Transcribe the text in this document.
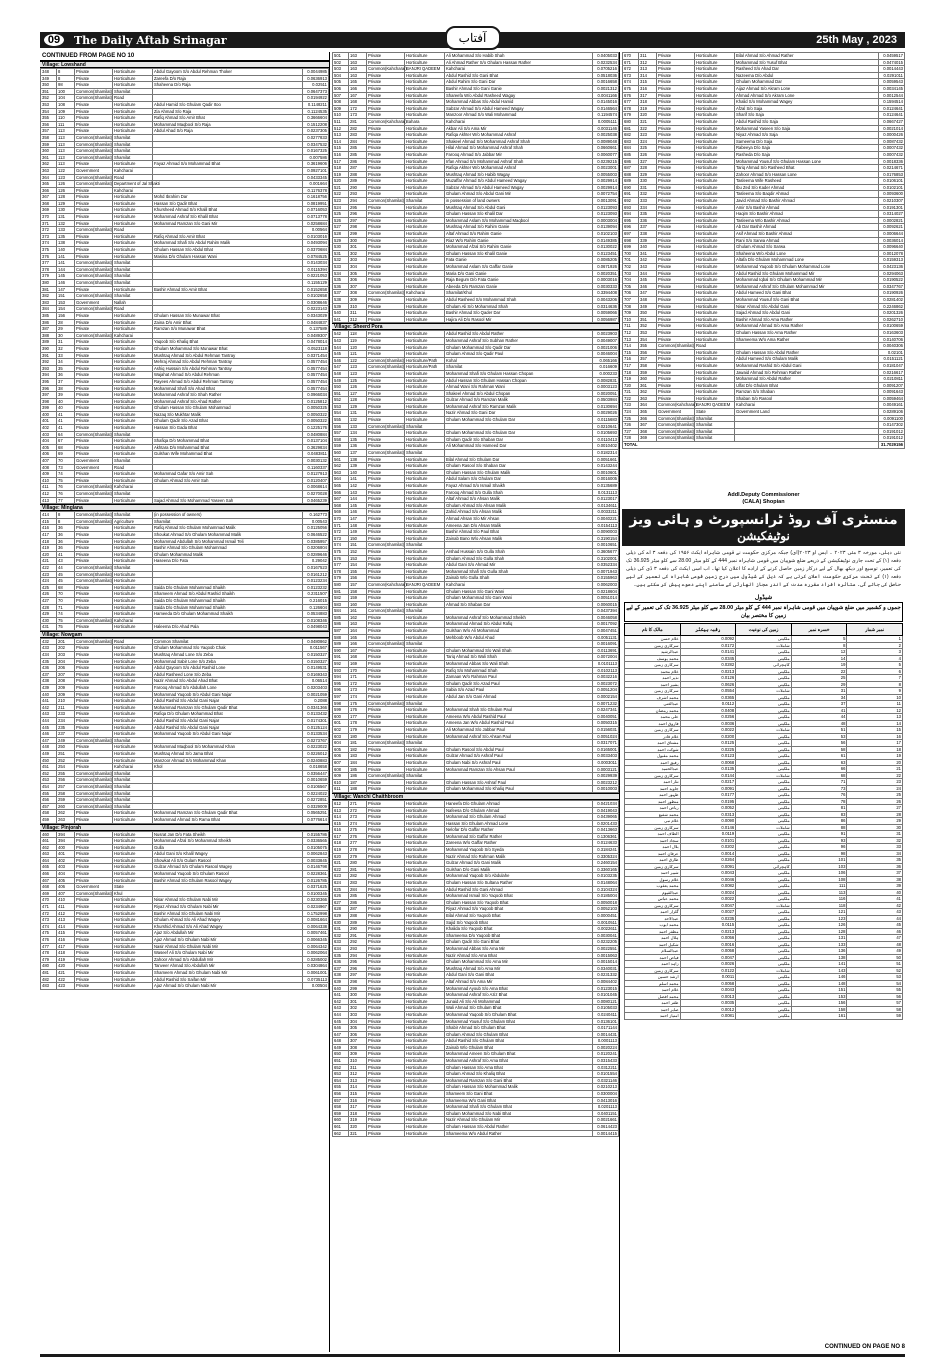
09	The Daily Aftab Srinagar	آفتاب	25th May , 2023
CONTINUED FROM PAGE NO 10
Village: Lowshand
348	8	Private	Horticulture	Abdul Gayoom S/o Abdul Rehman Thoker	0.0044985
349	8	Private	Horticulture	Zareefa D/o Raja	0.0636913
350	98	Private	Horticulture	Shaheena D/o Raja	0.02511
351	100	Common(Shamilat)	Shamilat		0.0647373
352	104	Common(Shamilat)	Road		0.0194922
353	108	Private	Horticulture	Abdul Hamid S/o Ghulam Qadir Itoo	0.1148211
354	109	Private	Horticulture	Zia Ahmad S/o Raja	0.1124535
355	110	Private	Horticulture	Rafiq Ahmad S/o Amir Bhat	0.3666604
356	111	Private	Horticulture	Mohammad Maqbool S/o Raja	0.1512208
357	113	Private	Horticulture	Abdul Ahad S/o Raja	0.0237305
358	113	Common(Shamilat)	Shamilat		0.0277833
359	113	Common(Shamilat)	Shamilat		0.0347532
360	113	Common(Shamilat)	Shamilat		0.0167325
361	113	Common(Shamilat)	Shamilat		0.007586
362	113	Private	Horticulture	Fayaz Ahmad S/o Mohammad Bhat	0.3619606
363	122	Government	Kahcharai		0.0927101
364	123	Common(Shamilat)	Road		0.0433345
365	126	Common(Shamilat)	Department of Jal Shakti		0.001664
366	126	Private	Kahcharai		0.1176378
367	128	Private	Horticulture	Mohd Ibrahim Dar	0.1618756
368	129	Private	Horticulture	Hassan S/o Qadir Bhat	0.0819951
369	130	Private	Horticulture	Khursheed Ahmad S/o Khalil Bhat	0.0716053
370	131	Private	Horticulture	Mohammad Ashraf S/o Khalil Bhat	0.0713778
371	132	Private	Horticulture	Mohammad Ramzan S/o Gani Mir	0.0258684
372	133	Common(Shamilat)	Road		0.00564
373	135	Private	Horticulture	Rafiq Ahmad S/o Amir Bhat	0.0103016
374	138	Private	Horticulture	Mohammad Shafi S/o Abdul Rahim Malik	0.0493094
375	140	Private	Horticulture	Ghulam Hassan S/o Abdul Bhat	0.0370684
376	141	Private	Horticulture	Masina D/o Ghulam Hassan Wani	0.0784525
377	141	Common(Shamilat)	Shamilat		0.0143034
378	144	Common(Shamilat)	Shamilat		0.0115394
379	145	Common(Shamilat)	Shamilat		0.0221053
380	146	Common(Shamilat)	Shamilat		0.1155129
381	147	Private	Horticulture	Bashir Ahmad S/o Amir Bhat	0.0152658
382	151	Common(Shamilat)	Shamilat		0.0102658
383	153	Government	Nallah		0.0308646
384	154	Common(Shamilat)	Road		0.0223143
385	156	Private	Horticulture	Ghulam Hassan S/o Munawar Bhat	0.0343029
386	28	Private	Horticulture	Zaina D/o Amir Bhat	0.0484837
387	29	Private	Horticulture	Ramzan S/o Munawar Bhat	0.137589
388	30	Common(Shamilat)	Kahcharai		0.0489307
389	31	Private	Horticulture	Yaqoob S/o Khaliq Bhat	0.0478014
390	32	Private	Horticulture	Ghulam Mohammad S/o Munawar Bhat	0.0523118
391	33	Private	Horticulture	Mushtaq Ahmad S/o Abdul Rehman Tantray	0.0371454
392	34	Private	Horticulture	Mehraj Ahmad S/o Abdul Rehman Tantray	0.0577454
393	35	Private	Horticulture	Ashiq Hussain S/o Abdul Rehman Tantray	0.0577454
394	36	Private	Horticulture	Wajahat Ahmad S/o Abdul Rehman	0.0577454
395	37	Private	Horticulture	Rayees Ahmad S/o Abdul Rehman Tantray	0.0577454
396	38	Private	Horticulture	Mohammad Shafi S/o Ahad Bhat	0.0577454
397	39	Private	Horticulture	Mohammad Ashraf S/o Shah Rather	0.0966034
398	40	Private	Horticulture	Mohammad Ashraf S/o Ahad Rather	0.0125812
399	40	Private	Horticulture	Ghulam Hassan S/o Ghulam Mohammad	0.0050325
400	41	Private	Horticulture	Nazaq S/o Mukhtar Malik	0.0050322
401	41	Private	Horticulture	Ghulam Qadir S/o Azad Bhat	0.0050322
402	41	Private	Horticulture	Hassan S/o Gada Bhat	0.1225176
403	64	Common(Shamilat)	Shamilat		0.0480884
404	67	Private	Horticulture	Shafiqa D/o Mohammad Bhat	0.0137104
405	68	Private	Horticulture	Akhtara D/o Mohammad Bhat	0.3629834
406	69	Private	Horticulture	Gulshan Wife Mohammad Bhat	0.0483811
407	70	Government	Shamilat		0.0030132
408	73	Government	Road		0.1160337
409	74	Private	Horticulture	Mohammad Gafar S/o Amir Sah	0.0127913
410	75	Private	Horticulture	Ghulam Ahmad S/o Amir Sah	0.0120407
411	76	Common(Shamilat)	Kahcharai		0.0068614
412	76	Common(Shamilat)	Shamilat		0.0270028
413	77	Private	Horticulture	Sajad Ahmad S/o Mohammad Yaseen Sah	0.0465239
Village: Minglana
414	8	Common(Shamilat)	Shamilat	(in possession of owners)	0.162773
415	8	Common(Shamilat)	Agriculture	Shamilat	0.00543
416	36	Private	Horticulture	Rafiq Ahmad S/o Ghulam Mohammad Malik	0.0125056
417	36	Private	Horticulture	Shoukat Ahmad S/o Ghulam Mohammad Malik	0.0646522
418	36	Private	Horticulture	Mohammad Abdullah S/o Mohammad Ismail Teli	0.0385957
419	36	Private	Horticulture	Bashir Ahmad S/o Ghulam Mohammad	0.0206804
420	41	Private	Horticulture	Ghulam Mohammad Malik	0.0289646
421	43	Private	Horticulture	Haseena D/o Fata	0.29042
422	44	Common(Shamilat)	Shamilat		0.0167523
423	45	Common(Shamilat)	Horticulture		0.0161212
424	45	Common(Shamilat)	Horticulture		0.0123234
425	68	Private	Horticulture	Saida D/o Ghulam Mohammad Shaikh	0.0123232
426	70	Private	Horticulture	Shameem Ahmad S/o Abdul Rashid Shaikh	0.2311507
427	70	Private	Horticulture	Saida D/o Ghulam Mohammad Shaikh	0.216015
428	71	Private	Horticulture	Saida D/o Ghulam Mohammad Shaikh	0.126604
429	74	Private	Horticulture	Hameeda D/o Ghulam Mohammad Shaikh	0.0534883
430	75	Common(Shamilat)	Kahcharai		0.0108346
431	75	Private	Horticulture	Haleema D/o Ahad Pala	0.0498043
Village: Nowgam
432	201	Common(Shamilat)	Road	Common Shamilat	0.0480862
433	202	Private	Horticulture	Ghulam Mohammad S/o Yaqoob Chak	0.011567
434	203	Private	Horticulture	Mushtaq Ahmad Lone S/o Zeba	0.0150327
435	204	Private	Horticulture	Mohammad Sabir Lone S/o Zeba	0.0150327
436	206	Private	Horticulture	Abdul Qayoom S/o Abdul Rashid Lone	0.0149531
437	207	Private	Horticulture	Abdul Rasheed Lone S/o Zeba	0.0169343
438	208	Private	Horticulture	Nazir Ahmad S/o Abdul Ahad Bhat	0.06514
439	209	Private	Horticulture	Farooq Ahmad S/o Abdullah Lone	0.0203403
440	209	Private	Horticulture	Mohammad Yaqoob S/o Abdul Gani Najar	0.0021059
441	210	Private	Horticulture	Abdul Rashid S/o Abdul Gani Najar	0.2088
442	211	Private	Horticulture	Mohammad Ramzan S/o Ghulam Qadir Bhat	0.0341366
443	233	Private	Horticulture	Rafiqa D/o Ghulam Mohammad Bhat	0.0133432
444	234	Private	Horticulture	Abdul Rashid S/o Abdul Gani Najar	0.0174301
445	235	Private	Horticulture	Abdul Rashid S/o Abdul Gani Najar	0.0125124
446	237	Private	Horticulture	Mohammad Yaqoob S/o Abdul Gani Najar	0.0133534
447	249	Common(Shamilat)	Shamilat		0.0273767
448	250	Private	Horticulture	Mohammad Maqbool S/o Mohammad Khan	0.0223022
449	251	Private	Horticulture	Mushtaq Ahmad S/o Jama Bhat	0.0226012
450	252	Private	Horticulture	Manzoor Ahmad S/o Mohammad Khan	0.0240883
451	254	Private	Kahcharai	Khol	0.018658
452	255	Common(Shamilat)	Shamilat		0.0356447
453	256	Common(Shamilat)	Shamilat		0.0010659
454	257	Common(Shamilat)	Shamilat		0.0106567
455	258	Common(Shamilat)	Shamilat		0.0224022
456	259	Common(Shamilat)	Shamilat		0.0272851
457	260	Common(Shamilat)	Shamilat		0.0329009
458	262	Private	Horticulture	Mohammad Ramzan S/o Ghulam Qadir Bhat	0.0565251
459	263	Private	Horticulture	Mohammad Ahmad S/o Rama Bhat	0.0776614
Village: Pinjorah
460	394	Private	Horticulture	Nusrat Jan D/o Fata Sheikh	0.0155786
461	394	Private	Horticulture	Mohammad Afzal S/o Mohammad Sheikh	0.0336565
462	400	Private	Horticulture	Gulla	0.0105075
463	401	Private	Horticulture	Abdul Gani S/o Khalil Wagey	0.0062843
464	402	Private	Horticulture	Showkat Ali S/o Gulam Rasool	0.0033845
465	403	Private	Horticulture	Gulzar Ahmad S/o Ghulam Rasool Wagey	0.0146798
466	404	Private	Horticulture	Mohammad Yaqoob S/o Ghulam Rasool	0.0228361
467	405	Private	Horticulture	Bashir Ahmad S/o Ghulam Rasool Wagey	0.0126785
468	406	Government	State		0.0371625
469	407	Common(Shamilat)	Khul		0.0100345
470	410	Private	Horticulture	Nisar Ahmad S/o Ghulam Nabi Mir	0.0230366
471	411	Private	Horticulture	Riyaz Ahmad S/o Ghulam Nabi Mir	0.0234967
472	412	Private	Horticulture	Bashir Ahmad S/o Ghulam Nabi Mir	0.1752998
473	413	Private	Horticulture	Ghulam Ahmad S/o Ali Ahad Wagey	0.0081664
474	414	Private	Horticulture	Khurshid Ahmad S/o Ali Ahad Wagey	0.0064338
475	415	Private	Horticulture	Ajaz S/o Abdullah Mir	0.0057461
476	416	Private	Horticulture	Ajaz Ahmad S/o Ghulam Nabi Mir	0.0066345
477	417	Private	Horticulture	Nasir Ahmad S/o Ghulam Nabi Mir	0.0064342
478	418	Private	Horticulture	Waseef Ali S/o Ghulam Nabi Mir	0.0062064
479	419	Private	Horticulture	Zahoor Ahmad S/o Abdullah Mir	0.0285002
480	420	Private	Horticulture	Tanveer Ahmad S/o Abdullah Mir	0.0304864
481	421	Private	Horticulture	Shameem Ahmad S/o Ghulam Nabi Mir	0.0061001
482	422	Private	Horticulture	Abdul Rashid S/o Saifan Mir	0.0735113
483	423	Private	Horticulture	Ajaz Ahmad S/o Ghulam Nabi Mir	0.00504
501	163	Private	Horticulture	Ali Mohammad S/o Habib Shah	0.0405033
502	163	Private	Horticulture	Ali Ahmad Rather S/o Ghulam Hassan Rather	0.0232534
503	163	Common(Kahcharai)	BANJRI QADEEM	Kahcharai	0.0705216
504	163	Private	Horticulture	Abdul Rashid S/o Gani Bhat	0.0518036
505	165	Private	Horticulture	Abdul Rahim S/o Gani Dar	0.0016658
506	166	Private	Horticulture	Bashir Ahmad S/o Gani Ganie	0.0021312
507	167	Private	Horticulture	Shareefa W/o Abdul Rasheed Wagay	0.0041166
508	168	Private	Horticulture	Mohammad Abbas S/o Abdul Hamid	0.0145016
509	172	Private	Horticulture	Sabzar Ahmad S/o Abdul Hameed Wagay	0.0146564
510	173	Private	Horticulture	Manzoor Ahmad S/o Wali Mohammad	0.1194574
511	281	Common(Kahcharai)	Sahara	Kahcharai	0.0005111
512	282	Private	Horticulture	Akbar Ali S/o Ama Mir	0.0031146
513	283	Private	Horticulture	Rafiqa Akhter W/o Mohammad Ashraf	0.0025038
514	284	Private	Horticulture	Shakeel Ahmad S/o Mohammad Ashraf Shah	0.0089048
515	285	Private	Horticulture	Hilal Ahmad S/o Mohammad Ashraf Shah	0.0660661
516	285	Private	Horticulture	Farooq Ahmad S/o Jabbar Mir	0.0060077
517	286	Private	Horticulture	Irfan Ahmad S/o Mohammad Ashraf Shah	0.0239215
518	287	Private	Horticulture	Rafiqa Akhter W/o Mohammad Ashraf	0.0023001
519	288	Private	Horticulture	Mushtaq Ahmad S/o Habib Wagay	0.0055003
520	289	Private	Horticulture	Muzaffar Ahmad S/o Abdul Hameed Wagay	0.0029914
521	290	Private	Horticulture	Sabzar Ahmad S/o Abdul Hameed Wagay	0.0029914
522	293	Private	Horticulture	Ghulam Ahmad S/o Abdul Gani Mir	0.0072754
523	294	Common(Shamilat)	Shamilat	in possession of land owners	0.0013091
524	295	Private	Horticulture	Mushtaq Ahmad S/o Abdul Gani	0.0123093
525	296	Private	Horticulture	Ghulam Hassan S/o Khalil Dar	0.0123093
526	297	Private	Horticulture	Mohammad Aslam S/o Mohammad Maqbool	0.0003004
527	298	Private	Horticulture	Mushtaq Ahmad S/o Rahim Ganie	0.0139094
528	299	Private	Horticulture	Altaf Ahmad S/o Rahim Ganie	0.0102103
529	300	Private	Horticulture	Riaz W/o Rahim Ganie	0.0149385
530	301	Private	Horticulture	Mohammad Afzal S/o Rahim Ganie	0.0130022
531	302	Private	Horticulture	Ghulam Hassan S/o Khalil Ganie	0.0123451
532	303	Private	Horticulture	Fata Ganie	0.0085205
533	304	Private	Horticulture	Mohammad Aslam S/o Gaffar Ganie	0.0671926
534	305	Private	Horticulture	Maria D/o Gani Ganie	0.0020351
535	306	Private	Horticulture	Raja Begum D/o Fata Ganie	0.0003016
536	307	Private	Horticulture	Abeeda D/o Ramzan Ganie	0.0030333
537	308	Common(Shamilat)	Kahcharai	Shamilat/Khul	0.3394408
538	309	Private	Horticulture	Abdul Rasheed S/o Mohammad Shah	0.0043206
539	310	Private	Horticulture	Ghulam Ali S/o Mohammad Shah	0.0314636
540	311	Private	Horticulture	Bashir Ahmad S/o Qader Dar	0.0059066
541	312	Private	Horticulture	Hajira Ali D/o Rasool Mir	0.0056987
Village: Sheerd Pora
542	118	Private	Horticulture	Abdul Rashid S/o Abdul Rather	0.0023903
543	119	Private	Horticulture	Mohammad Ashraf S/o Subhan Rather	0.0049007
544	120	Private	Horticulture	Ghulam Mohammad S/o Qadir Dar	0.0021006
545	121	Private	Horticulture	Ghulam Ahmad S/o Qadir Paul	0.0046004
546	122	Common(Shamilat)	Horticulture/Path	Kohal	0.065166
547	123	Common(Shamilat)	Horticulture/Path	Shamilat	0.016609
548	123	Private	Horticulture	Mohammad Shafi S/o Ghulam Hassan Chopan	0.000233
549	125	Private	Horticulture	Abdul Hassan S/o Ghulam Hassan Chopan	0.0082831
550	126	Private	Horticulture	Ahmad Wani S/o Rahman Wani	0.0003123
551	127	Private	Horticulture	Shakeel Ahmad S/o Abdul Chopan	0.0020051
552	128	Private	Horticulture	Gulzar Ahmad S/o Ramzan Malik	0.0503984
553	129	Private	Horticulture	Mohammad Ashraf S/o Ramzan Malik	0.0130694
554	131	Private	Horticulture	Nazir Ahmad S/o Gani Dar	0.0029026
555	132	Private	Horticulture	Ghulam Mohammad S/o Ghulam Dar	0.0115683
556	133	Common(Shamilat)	Shamilat		0.0210641
557	134	Private	Horticulture	Ghulam Mohammad S/o Ghulam Dar	0.0105693
558	135	Private	Horticulture	Ghulam Qadir S/o Shaban Dar	0.0110413
559	136	Private	Horticulture	Ali Mohammad S/o Hameed Dar	0.0010402
560	137	Common(Shamilat)	Shamilat		0.0182314
561	138	Private	Horticulture	Bilal Ahmad S/o Ghulam Dar	0.0051661
562	139	Private	Horticulture	Ghulam Rasool S/o Shaban Dar	0.0143244
563	140	Private	Horticulture	Ghulam Hassan S/o Ghulam Malik	0.0010601
564	141	Private	Horticulture	Abdul Salam S/o Ghulam Dar	0.0016005
565	142	Private	Horticulture	Fayaz Ahmad S/o Ismail Shaikh	0.0135689
566	143	Private	Horticulture	Farooq Ahmad S/o Gulla Shah	0.0131113
567	144	Private	Horticulture	Altaf Ahmad S/o Ahsan Malik	0.0123017
568	145	Private	Horticulture	Ghulam Ahmad S/o Ahsan Malik	0.0134611
569	146	Private	Horticulture	Zahid Ahmad S/o Ahsan Malik	0.0033211
570	147	Private	Horticulture	Ahmad Ahsan S/o Mir Ahsan	0.0040221
571	148	Private	Horticulture	Ameena Jan D/o Ahsan Malik	0.0154113
572	149	Private	Horticulture	Bashir Ahmad S/o Paul Bhat	0.0090003
573	150	Private	Horticulture	Zainab Bano W/o Ahsan Malik	0.3190154
574	151	Common(Shamilat)	Shamilat		0.0010651
575	152	Private	Horticulture	Arshad Hussain S/o Gulla Shah	0.3605677
576	153	Private	Horticulture	Ghulam Ahmad S/o Gulla Shah	0.3102001
577	154	Private	Horticulture	Abdul Gani S/o Ahmad Mir	0.0352334
578	155	Private	Horticulture	Mohammad Shafi S/o Gulla Shah	0.0071943
579	156	Private	Horticulture	Zainab W/o Gulla Shah	0.0155963
580	157	Common(Kahcharai)	BANJRI QADEEM	Kahcharai	0.0062003
581	158	Private	Horticulture	Ghulam Hassan S/o Gani Wani	0.0218604
582	159	Private	Horticulture	Ghulam Mohammad S/o Gani Wani	0.0051014
583	160	Private	Horticulture	Ahmad S/o Shaban Dar	0.0060015
584	161	Common(Shamilat)	Shamilat		0.0437394
585	162	Private	Horticulture	Mohammad Ashraf S/o Mohammad Sheikh	0.0046058
586	163	Private	Horticulture	Mohammad Ahmad S/o Abdul Rafiq	0.0017092
587	164	Private	Horticulture	Gulshan W/o Ali Mohammad	0.0047451
588	165	Private	Horticulture	Mehboob W/o Abdul Ahad	0.0051131
589	166	Common(Shamilat)	Shamilat		0.0016091
590	167	Private	Horticulture	Ghulam Mohammad S/o Wali Shah	0.0113691
591	168	Private	Horticulture	Tariq Ahmad S/o Wali Shah	0.0072004
592	169	Private	Horticulture	Mohammad Abbas S/o Wali Shah	0.0101113
593	170	Private	Horticulture	Rafiq S/o Mohammad Shah	0.0102113
594	171	Private	Horticulture	Zamaan W/o Rahman Paul	0.0032216
595	172	Private	Horticulture	Ghulam Qadir S/o Azad Paul	0.0023072
596	173	Private	Horticulture	Sabia S/o Azad Paul	0.0051204
597	174	Private	Horticulture	Abdul Jan S/o Gani Ahmad	0.0002154
598	175	Common(Shamilat)	Shamilat		0.0071232
599	176	Private	Horticulture	Mohammad Shah S/o Ghulam Paul	0.0247341
600	177	Private	Horticulture	Ameena W/o Abdul Rashid Paul	0.0040051
601	178	Private	Horticulture	Ameena Jan W/o Abdul Rashid Paul	0.0050315
602	179	Private	Horticulture	Ali Mohammad S/o Jabbar Paul	0.0156031
603	180	Private	Horticulture	Mohammad Ashraf S/o Ahsan Paul	0.0051024
604	181	Common(Shamilat)	Shamilat		0.0317071
605	182	Private	Horticulture	Ghulam Rasool S/o Abdul Paul	0.0165001
606	183	Private	Horticulture	Gulzar Ahmad S/o Ashraf Paul	0.0033403
607	184	Private	Horticulture	Ghulam Nabi S/o Ashraf Paul	0.0003011
608	185	Private	Horticulture	Mohammad Ramzan S/o Ahsan Paul	0.0003121
609	186	Common(Shamilat)	Shamilat		0.0029939
610	187	Private	Horticulture	Ghulam Hassan S/o Ashraf Paul	0.0023212
611	188	Private	Horticulture	Ghulam Mohammad S/o Khaliq Paul	0.0010003
Village: Wanchi Chaithbroom
612	271	Private	Horticulture	Haneefa D/o Ghulam Ahmad	0.0421034
613	272	Private	Horticulture	Nafeesa D/o Ghulam Ahmad	0.0419043
614	273	Private	Horticulture	Mohammad S/o Ghulam Ahmad	0.0439065
615	274	Private	Horticulture	Hassan S/o Ghulam Ahmad Lone	0.0201433
616	275	Private	Horticulture	Nelofar D/o Gaffar Rather	0.0413663
617	276	Private	Horticulture	Mohammad S/o Gaffar Rather	0.1306361
618	277	Private	Horticulture	Zareena W/o Gaffar Rather	0.0124633
619	278	Private	Horticulture	Mohammad Yaqoob S/o Syeda	0.3184241
620	279	Private	Horticulture	Nazir Ahmad S/o Rahman Malik	0.3305324
621	280	Private	Horticulture	Gulzar Ahmad S/o Gani Malik	0.2460154
622	281	Private	Horticulture	Gulshan D/o Gani Malik	0.3360165
623	282	Private	Horticulture	Mohammad Yaqoob S/o Abdulahe	0.0103235
624	283	Private	Horticulture	Ghulam Hassan S/o Sultana Rather	0.0148064
625	284	Private	Horticulture	Abdul Rashid S/o Gani Ahmad	0.3104324
626	285	Private	Horticulture	Mohammad Ismail S/o Yaqoob Bhat	0.0185004
627	286	Private	Horticulture	Ghulam Hassan S/o Yaqoob Bhat	0.0050018
628	287	Private	Horticulture	Riyaz Ahmad S/o Yaqoob Bhat	0.0052103
629	288	Private	Horticulture	Bilal Ahmad S/o Yaqoob Bhat	0.0000451
630	289	Private	Horticulture	Sajid S/o Yaqoob Bhat	0.0010511
631	290	Private	Horticulture	Khalida S/o Yaqoob Bhat	0.0022611
632	291	Private	Horticulture	Shameema D/o Yaqoob Bhat	0.0030041
633	292	Private	Horticulture	Ghulam Qadir S/o Gani Bhat	0.0232205
634	293	Private	Horticulture	Mohammad Abbas S/o Ama Mir	0.0022551
635	294	Private	Horticulture	Nazir Ahmad S/o Ama Bhat	0.0015063
636	295	Private	Horticulture	Ghulam Mohammad S/o Ama Mir	0.0015014
637	296	Private	Horticulture	Mushtaq Ahmad S/o Ama Mir	0.0340031
638	297	Private	Horticulture	Abdul Gani S/o Gani Bhat	0.0231332
639	298	Private	Horticulture	Altaf Ahmad S/o Ama Mir	0.0084402
640	299	Private	Horticulture	Mohammad Ayoub S/o Ama Bhat	0.0123015
641	300	Private	Horticulture	Mohammad Ashraf S/o Aziz Bhat	0.0101045
642	301	Private	Horticulture	Junaid Ali S/o Ali Mohammad	0.0080121
643	302	Private	Horticulture	Wali Ahmad S/o Ghulam Bhat	0.0105033
644	303	Private	Horticulture	Mohammad Yaqoob S/o Ghulam Bhat	0.0240411
645	304	Private	Horticulture	Mohammad Yousuf S/o Ghulam Bhat	0.0136101
646	305	Private	Horticulture	Shabir Ahmad S/o Ghulam Bhat	0.0171144
647	306	Private	Horticulture	Ghulam Ahmad S/o Ghulam Bhat	0.0014431
648	307	Private	Horticulture	Abdul Rashid S/o Ghulam Bhat	0.0001113
649	308	Private	Horticulture	Zainab W/o Ghulam Bhat	0.0020224
650	309	Private	Horticulture	Mohammad Ameen S/o Ghulam Bhat	0.0120241
651	310	Private	Horticulture	Mohammad Ashraf S/o Ama Bhat	0.0315433
652	311	Private	Horticulture	Ghulam Hassan S/o Ama Bhat	0.0312211
653	312	Private	Horticulture	Ghulam Ahmad S/o Khaliq Bhat	0.0101554
654	313	Private	Horticulture	Mohammad Ramzan S/o Gani Bhat	0.0321146
655	314	Private	Horticulture	Ghulam Hassan S/o Mohammad Malik	0.0210213
656	315	Private	Horticulture	Shameem S/o Gani Bhat	0.0300004
657	316	Private	Horticulture	Shameema W/o Gani Bhat	0.0413016
658	317	Private	Horticulture	Mohammad Shafi S/o Ghulam Bhat	0.0201113
659	318	Private	Horticulture	Ghulam Mohammad S/o Nabi Bhat	0.0401151
660	319	Private	Horticulture	Nazir Ahmad S/o Ghulam Mir	0.0021661
661	320	Private	Horticulture	Ghulam Hassan S/o Abdul Rather	0.0614423
662	321	Private	Horticulture	Shameema W/o Abdul Rather	0.0014415
670	311	Private	Horticulture	Bilal Ahmad S/o Ahmad Rather	0.0459517
671	312	Private	Horticulture	Mohammad S/o Yusuf Bhat	0.0474015
672	313	Private	Horticulture	Rasheed S/o Ahad Dar	0.0014443
673	314	Private	Horticulture	Nazeema D/o Abdul	0.0291011
674	315	Private	Horticulture	Ghulam Mohammad Dar	0.0059543
675	316	Private	Horticulture	Aijaz Ahmad S/o Akram Lone	0.0034145
676	317	Private	Horticulture	Ahmad Ahmad S/o Akram Lone	0.0012544
677	318	Private	Horticulture	Khalid S/o Mohammad Wagey	0.1594514
678	319	Private	Horticulture	Afzal S/o Saja	0.0124641
679	320	Private	Horticulture	Sharif S/o Saja	0.0124641
680	321	Private	Horticulture	Abdul Rashid S/o Saja	0.0667427
681	322	Private	Horticulture	Mohammad Yaseen S/o Saja	0.0021014
682	323	Private	Horticulture	Niyaz Ahmad S/o Saja	0.0000426
683	324	Private	Horticulture	Sameema D/o Saja	0.0087432
684	325	Private	Horticulture	Rabeeya D/o Saja	0.0007432
685	326	Private	Horticulture	Rasheda D/o Saja	0.0007432
686	327	Private	Horticulture	Mohammad Yousuf S/o Ghulam Hassan Lone	0.0018336
687	328	Private	Horticulture	Tariq Ahmad S/o Rasheed Bhat	0.0214671
688	329	Private	Horticulture	Zahoor Ahmad S/o Hassan Lone	0.0176853
689	330	Private	Horticulture	Tasleema Wife Rasheed	0.0106101
690	331	Private	Horticulture	Ibu Zed S/o Kader Ahmad	0.0102101
691	332	Private	Horticulture	Tasleema S/o Baqdir Ahmad	0.0093600
692	333	Private	Horticulture	Javid Ahmad S/o Bashir Ahmad	0.0210307
693	334	Private	Horticulture	Amir S/o Bashir Ahmad	0.0191301
694	335	Private	Horticulture	Haqim S/o Bashir Ahmad	0.0314027
695	336	Private	Horticulture	Tasleema W/o Bashir Ahmad	0.0002821
696	337	Private	Horticulture	Ab Dar Bashir Ahmad	0.0092621
697	338	Private	Horticulture	Asif Ahmad S/o Bashir Ahmad	0.0006644
698	339	Private	Horticulture	Rani S/o Sarwa Ahmad	0.0036014
699	340	Private	Horticulture	Ghulam Ahmad S/o Sarwa	0.0096640
700	341	Private	Horticulture	Shaheena W/o Abdul Lone	0.0012078
701	342	Private	Horticulture	Altafa D/o Ghulam Mohammad Lone	0.0159313
702	343	Private	Horticulture	Mohammad Yaqoob S/o Ghulam Mohammad Lone	0.0423136
703	344	Private	Horticulture	Abdul Rashid S/o Ghulam Mohammad Mir	0.0294063
704	345	Private	Horticulture	Mohammad Iqbal S/o Ghulam Mohammad Mir	0.0190522
705	346	Private	Horticulture	Mohammad Ashraf S/o Ghulam Mohammad Mir	0.0347767
706	347	Private	Horticulture	Abdul Hameed S/o Gani Bhat	0.0190926
707	348	Private	Horticulture	Mohammad Yousuf S/o Gani Bhat	0.0281402
708	349	Private	Horticulture	Nisar Ahmad S/o Abdul Gani	0.2246862
709	350	Private	Horticulture	Sajad Ahmad S/o Abdul Gani	0.0201326
710	351	Private	Horticulture	Bashir Ahmad S/o Ama Rather	0.0262710
711	352	Private	Horticulture	Mohammad Ahmad S/o Ama Rather	0.0100659
712	353	Private	Horticulture	Ghulam Hassan S/o Ama Rather	0.0163603
713	354	Private	Horticulture	Shameema W/o Ama Rather	0.0140706
714	355	Common(Shamilat)	Road		0.0040306
715	356	Private	Horticulture	Ghulam Hassan S/o Abdul Rather	0.02101
716	357	Private	Horticulture	Abdul Hameed S/o Ghulam Malik	0.0151121
717	358	Private	Horticulture	Mohammad Rashid S/o Abdul Gani	0.0181047
718	359	Private	Horticulture	Jawaid Ahmad S/o Rehman Rather	0.0216617
719	360	Private	Horticulture	Mohammad S/o Abdul Rather	0.0210811
720	361	Private	Horticulture	Ulfat D/o Ghulam Bhat	0.0091207
721	362	Private	Horticulture	Ramzan S/o Shaban	0.0091643
722	363	Private	Horticulture	Shaban S/o Rasool	0.0059464
723	364	Common(Kahcharai)	BANJRI QADEEM	Kahcharai	0.0049161
724	365	Government	State	Government Land	0.0289106
725	366	Common(Shamilat)	Shamilat		0.0091100
726	367	Common(Shamilat)	Shamilat		0.0147302
727	368	Common(Shamilat)	Shamilat		0.0191012
728	369	Common(Shamilat)	Shamilat		0.0191012
TOTAL					31.7029156
Addl.Deputy Commissioner
(CALA) Shopian
منسٹری آف روڈ ٹرانسپورٹ و ہائی ویز
نوٹیفکیشن
نئی دہلی، مورخہ ۳ مئی ۲۰۲۳ ۔ ایس او ۲۰۲۳(ای) جبکہ مرکزی حکومت نے قومی شاہراہ ایکٹ ۱۹۵۶ کی دفعہ ۳ اے کی ذیلی دفعہ (۱) کے تحت جاری نوٹیفکیشن کے ذریعے ضلع شوپیان میں قومی شاہراہ نمبر 444 کے کلو میٹر 28.00 سے کلو میٹر 36.925 تک کی تعمیر، توسیع اور دیکھ بھال کے لیے درکار زمین حاصل کرنے کے ارادے کا اعلان کیا تھا۔ اب اسی ایکٹ کی دفعہ ۳ ڈی کی ذیلی دفعہ (۱) کے تحت مرکزی حکومت اعلان کرتی ہے کہ ذیل کے شیڈول میں درج زمین قومی شاہراہ کی تعمیر کے لیے حاصل کی جائے گی۔ متاثرہ افراد مقررہ مدت کے اندر مجاز اتھارٹی کے سامنے اپنے دعوے پیش کر سکتے ہیں۔
شیڈول
جموں و کشمیر میں ضلع شوپیان میں قومی شاہراہ نمبر 444 کے کلو میٹر 28.00 سے کلو میٹر 36.925 تک کی تعمیر کے لیے زمین کا مختصر بیان
نمبر شمار	خسرہ نمبر	زمین کی نوعیت	رقبہ ہیکٹر	مالک کا نام
1	5	ملکیتی	0.0092	غلام حسن
2	8	شاملات	0.0172	سرکاری زمین
3	12	ملکیتی	0.0141	عبدالرشید
4	14	ملکیتی	0.0345	محمد یوسف
5	19	کاہچرائی	0.0282	سرکاری زمین
6	22	ملکیتی	0.0213	غلام محمد
7	25	ملکیتی	0.0126	نذیر احمد
8	29	ملکیتی	0.0626	بشیر احمد
9	31	شاملات	0.0554	سرکاری زمین
10	34	ملکیتی	0.0365	محمد اشرف
11	37	ملکیتی	0.0112	عبدالغنی
12	41	ملکیتی	0.0408	محمد رمضان
13	44	ملکیتی	0.0256	علی محمد
14	48	ملکیتی	0.0036	فاروق احمد
15	51	شاملات	0.0022	سرکاری زمین
16	53	ملکیتی	0.0200	غلام قادر
17	56	ملکیتی	0.0125	مشتاق احمد
18	58	ملکیتی	0.0225	شوکت احمد
19	61	ملکیتی	0.0123	محمد مقبول
20	63	ملکیتی	0.0068	رفیق احمد
21	66	ملکیتی	0.0135	عبدالحمید
22	68	شاملات	0.0144	سرکاری زمین
23	71	ملکیتی	0.0217	نثار احمد
24	73	ملکیتی	0.0091	جاوید احمد
25	76	ملکیتی	0.0177	ظہور احمد
26	78	ملکیتی	0.0195	منظور احمد
27	81	ملکیتی	0.0052	ریاض احمد
28	83	ملکیتی	0.0313	محمد شفیع
29	86	ملکیتی	0.0090	غلام نبی
30	88	شاملات	0.0146	سرکاری زمین
31	91	ملکیتی	0.0119	الطاف احمد
32	93	ملکیتی	0.0101	سجاد احمد
33	96	ملکیتی	0.0202	بلال احمد
34	98	ملکیتی	0.0014	عرفان احمد
35	101	ملکیتی	0.0264	طارق احمد
36	103	کاہچرائی	0.0091	سرکاری زمین
37	106	ملکیتی	0.0043	شبیر احمد
38	108	ملکیتی	0.0046	غلام رسول
39	111	ملکیتی	0.0082	محمد یعقوب
40	113	ملکیتی	0.0024	عبدالقیوم
41	116	ملکیتی	0.0022	محمد عباس
42	118	شاملات	0.0047	سرکاری زمین
43	121	ملکیتی	0.0027	گلزار احمد
44	123	ملکیتی	0.0235	عبدالاحد
45	126	ملکیتی	0.0115	محمد ایوب
46	128	ملکیتی	0.0213	مظفر احمد
47	131	ملکیتی	0.0056	ہلال احمد
48	133	ملکیتی	0.0016	شکیل احمد
49	136	ملکیتی	0.0058	عبدالسلام
50	138	ملکیتی	0.0047	فیاض احمد
51	141	ملکیتی	0.0026	زاہد احمد
52	143	شاملات	0.0122	سرکاری زمین
53	146	ملکیتی	0.0011	ارشد حسین
54	148	ملکیتی	0.0058	محمد اسلم
55	151	ملکیتی	0.0043	غلام احمد
56	153	ملکیتی	0.0013	محمد افضل
57	156	ملکیتی	0.0035	ظفر احمد
58	158	ملکیتی	0.0012	صابر احمد
59	161	ملکیتی	0.0081	امتیاز احمد
CONTINUED ON PAGE NO 8
